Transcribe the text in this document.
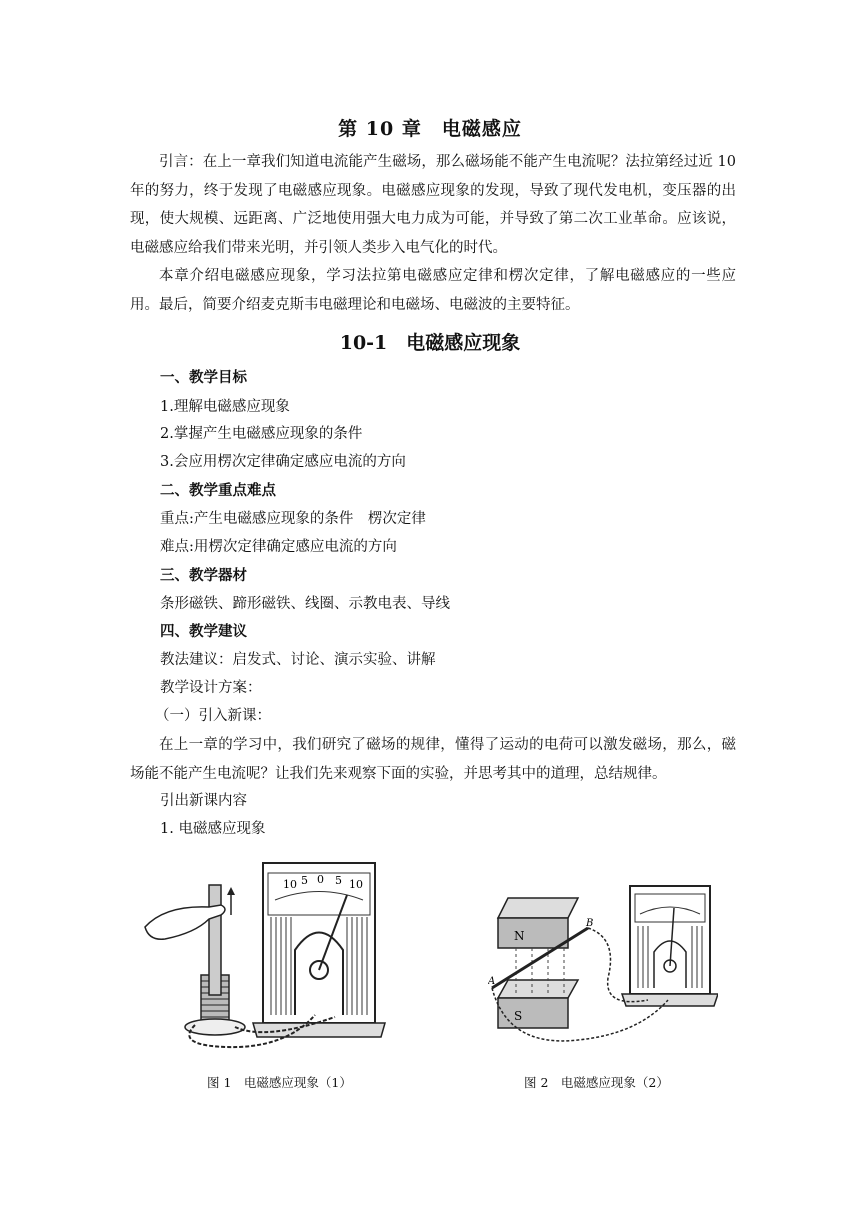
第 10 章　电磁感应

引言：在上一章我们知道电流能产生磁场，那么磁场能不能产生电流呢？法拉第经过近 10 年的努力，终于发现了电磁感应现象。电磁感应现象的发现，导致了现代发电机，变压器的出现，使大规模、远距离、广泛地使用强大电力成为可能，并导致了第二次工业革命。应该说，电磁感应给我们带来光明，并引领人类步入电气化的时代。

本章介绍电磁感应现象，学习法拉第电磁感应定律和楞次定律，了解电磁感应的一些应用。最后，简要介绍麦克斯韦电磁理论和电磁场、电磁波的主要特征。

10-1　电磁感应现象
一、教学目标
1.理解电磁感应现象
2.掌握产生电磁感应现象的条件
3.会应用楞次定律确定感应电流的方向
二、教学重点难点
重点:产生电磁感应现象的条件　楞次定律
难点:用楞次定律确定感应电流的方向
三、教学器材
条形磁铁、蹄形磁铁、线圈、示教电表、导线
四、教学建议
教法建议：启发式、讨论、演示实验、讲解
教学设计方案：
（一）引入新课：

在上一章的学习中，我们研究了磁场的规律，懂得了运动的电荷可以激发磁场，那么，磁场能不能产生电流呢？让我们先来观察下面的实验，并思考其中的道理，总结规律。

引出新课内容
1. 电磁感应现象
10 5 0 5 10
N
S
A
B
图 1　电磁感应现象（1）	图 2　电磁感应现象（2）
